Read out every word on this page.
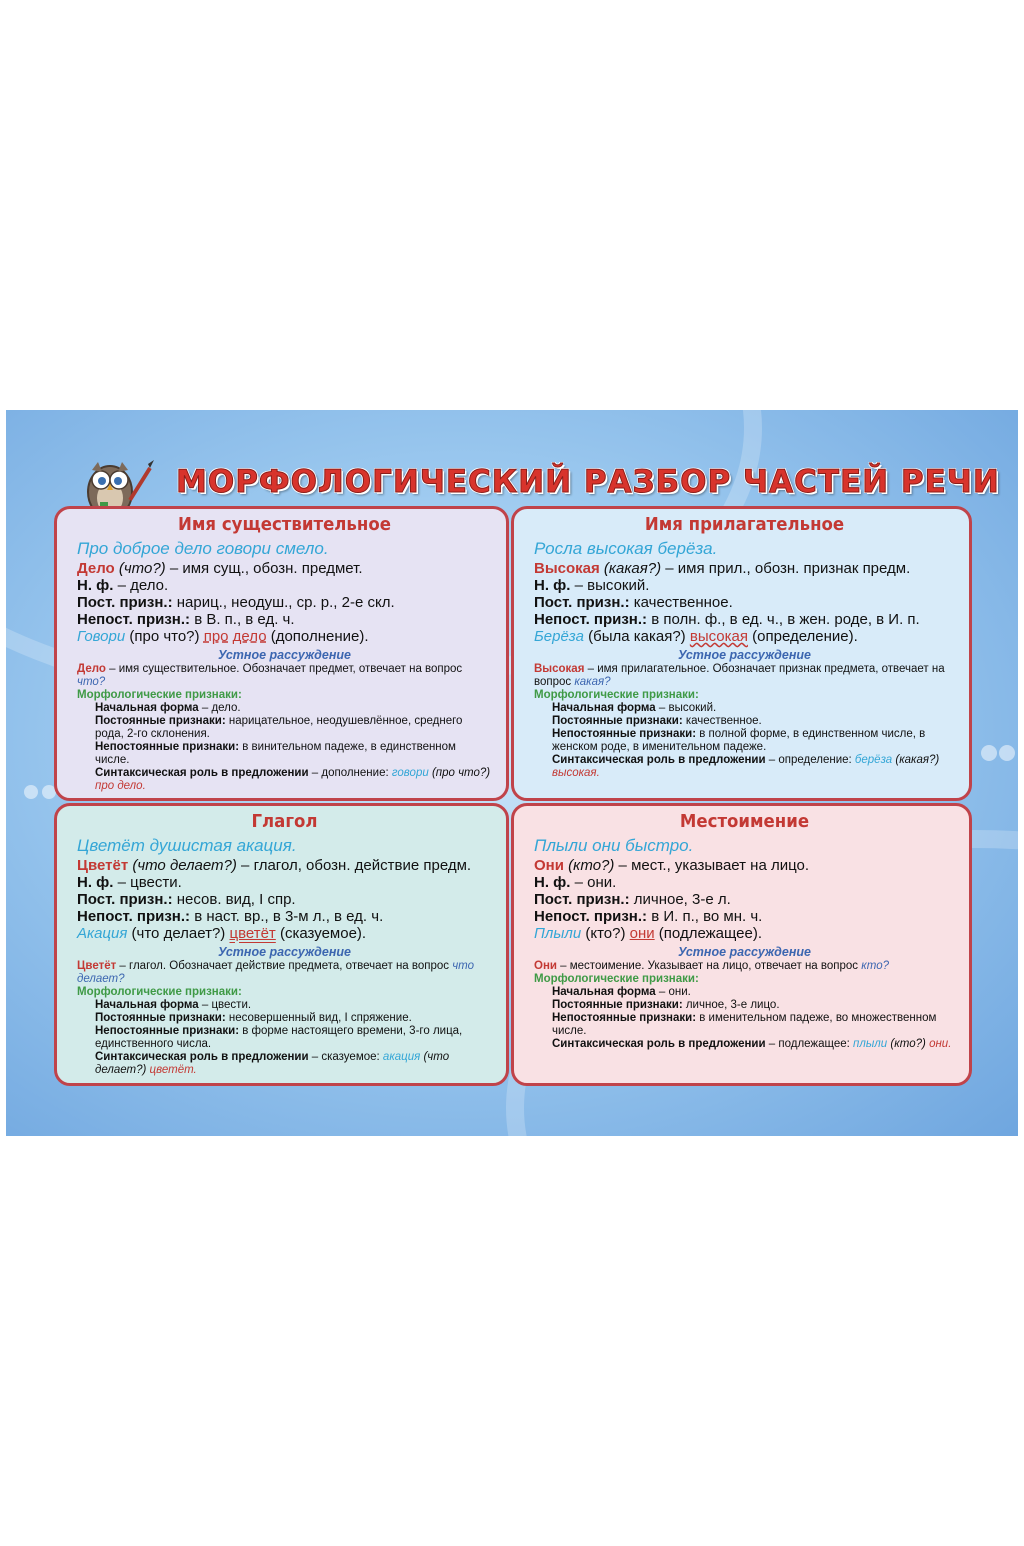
МОРФОЛОГИЧЕСКИЙ РАЗБОР ЧАСТЕЙ РЕЧИ
Имя существительное
Про доброе дело говори смело.
Дело (что?) – имя сущ., обозн. предмет.
Н. ф. – дело.
Пост. призн.: нариц., неодуш., ср. р., 2-е скл.
Непост. призн.: в В. п., в ед. ч.
Говори (про что?) про дело (дополнение).
Устное рассуждение
Дело – имя существительное. Обозначает предмет, отвечает на вопрос что?
Морфологические признаки:
Начальная форма – дело.
Постоянные признаки: нарицательное, неодушевлённое, среднего рода, 2-го склонения.
Непостоянные признаки: в винительном падеже, в единственном числе.
Синтаксическая роль в предложении – дополнение: говори (про что?) про дело.
Имя прилагательное
Росла высокая берёза.
Высокая (какая?) – имя прил., обозн. признак предм.
Н. ф. – высокий.
Пост. призн.: качественное.
Непост. призн.: в полн. ф., в ед. ч., в жен. роде, в И. п.
Берёза (была какая?) высокая (определение).
Устное рассуждение
Высокая – имя прилагательное. Обозначает признак предмета, отвечает на вопрос какая?
Морфологические признаки:
Начальная форма – высокий.
Постоянные признаки: качественное.
Непостоянные признаки: в полной форме, в единственном числе, в женском роде, в именительном падеже.
Синтаксическая роль в предложении – определение: берёза (какая?) высокая.
Глагол
Цветёт душистая акация.
Цветёт (что делает?) – глагол, обозн. действие предм.
Н. ф. – цвести.
Пост. призн.: несов. вид, I спр.
Непост. призн.: в наст. вр., в 3-м л., в ед. ч.
Акация (что делает?) цветёт (сказуемое).
Устное рассуждение
Цветёт – глагол. Обозначает действие предмета, отвечает на вопрос что делает?
Морфологические признаки:
Начальная форма – цвести.
Постоянные признаки: несовершенный вид, I спряжение.
Непостоянные признаки: в форме настоящего времени, 3-го лица, единственного числа.
Синтаксическая роль в предложении – сказуемое: акация (что делает?) цветёт.
Местоимение
Плыли они быстро.
Они (кто?) – мест., указывает на лицо.
Н. ф. – они.
Пост. призн.: личное, 3-е л.
Непост. призн.: в И. п., во мн. ч.
Плыли (кто?) они (подлежащее).
Устное рассуждение
Они – местоимение. Указывает на лицо, отвечает на вопрос кто?
Морфологические признаки:
Начальная форма – они.
Постоянные признаки: личное, 3-е лицо.
Непостоянные признаки: в именительном падеже, во множественном числе.
Синтаксическая роль в предложении – подлежащее: плыли (кто?) они.
